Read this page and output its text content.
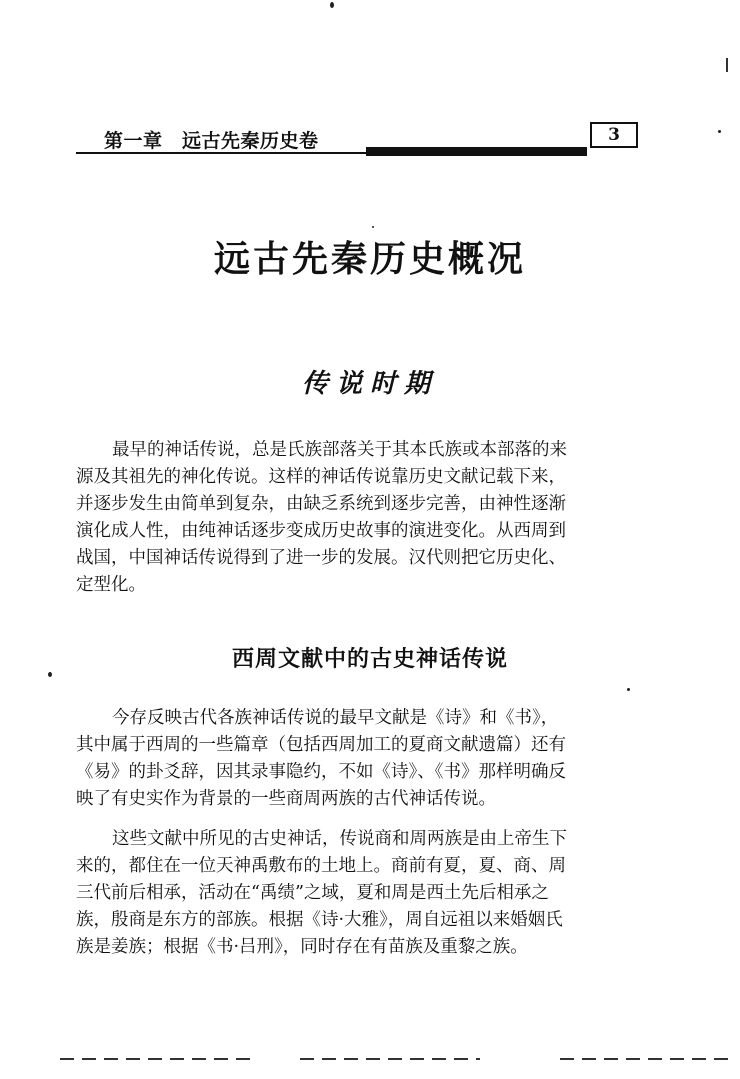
第一章　远古先秦历史卷	3
远古先秦历史概况
传说时期

最早的神话传说，总是氏族部落关于其本氏族或本部落的来
源及其祖先的神化传说。这样的神话传说靠历史文献记载下来，
并逐步发生由简单到复杂，由缺乏系统到逐步完善，由神性逐渐
演化成人性，由纯神话逐步变成历史故事的演进变化。从西周到
战国，中国神话传说得到了进一步的发展。汉代则把它历史化、
定型化。

西周文献中的古史神话传说

今存反映古代各族神话传说的最早文献是《诗》和《书》，
其中属于西周的一些篇章（包括西周加工的夏商文献遗篇）还有
《易》的卦爻辞，因其录事隐约，不如《诗》、《书》那样明确反
映了有史实作为背景的一些商周两族的古代神话传说。

这些文献中所见的古史神话，传说商和周两族是由上帝生下
来的，都住在一位天神禹敷布的土地上。商前有夏，夏、商、周
三代前后相承，活动在“禹绩”之域，夏和周是西土先后相承之
族，殷商是东方的部族。根据《诗·大雅》，周自远祖以来婚姻氏
族是姜族；根据《书·吕刑》，同时存在有苗族及重黎之族。
